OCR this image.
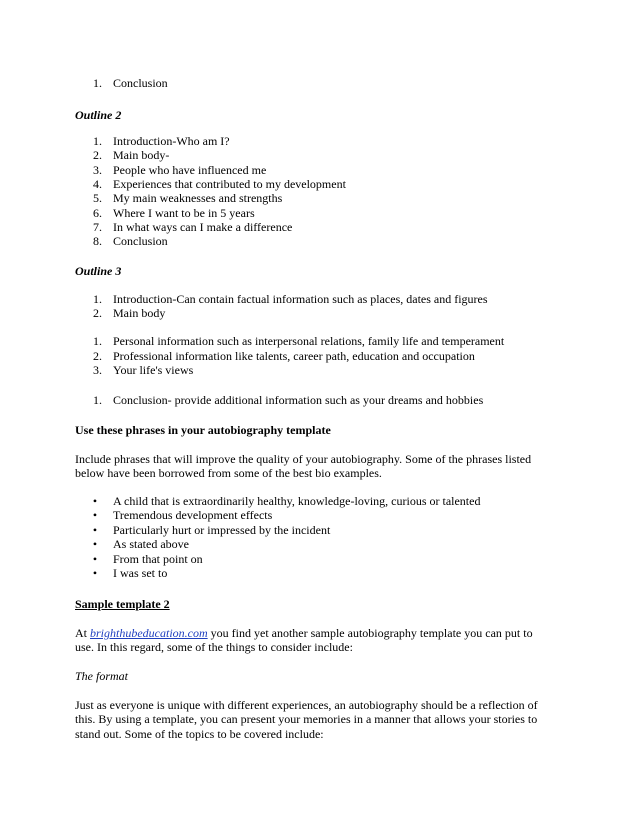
1. Conclusion
Outline 2
1. Introduction-Who am I?
2. Main body-
3. People who have influenced me
4. Experiences that contributed to my development
5. My main weaknesses and strengths
6. Where I want to be in 5 years
7. In what ways can I make a difference
8. Conclusion
Outline 3
1. Introduction-Can contain factual information such as places, dates and figures
2. Main body
1. Personal information such as interpersonal relations, family life and temperament
2. Professional information like talents, career path, education and occupation
3. Your life's views
1. Conclusion- provide additional information such as your dreams and hobbies
Use these phrases in your autobiography template
Include phrases that will improve the quality of your autobiography. Some of the phrases listed
below have been borrowed from some of the best bio examples.
•	A child that is extraordinarily healthy, knowledge-loving, curious or talented
•	Tremendous development effects
•	Particularly hurt or impressed by the incident
•	As stated above
•	From that point on
•	I was set to
Sample template 2
At brighthubeducation.com you find yet another sample autobiography template you can put to
use. In this regard, some of the things to consider include:
The format
Just as everyone is unique with different experiences, an autobiography should be a reflection of
this. By using a template, you can present your memories in a manner that allows your stories to
stand out. Some of the topics to be covered include:
